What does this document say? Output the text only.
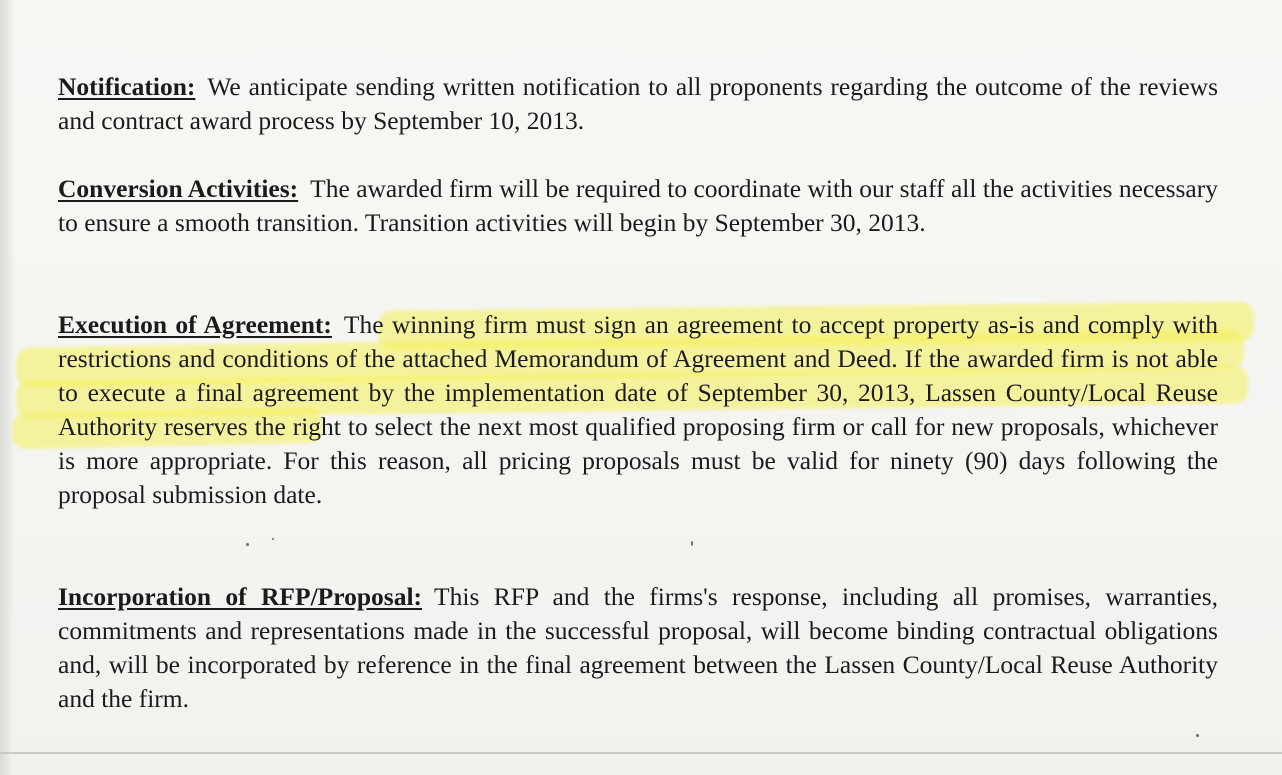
Notification: We anticipate sending written notification to all proponents regarding the outcome of the reviews and contract award process by September 10, 2013.

Conversion Activities: The awarded firm will be required to coordinate with our staff all the activities necessary to ensure a smooth transition. Transition activities will begin by September 30, 2013.

Execution of Agreement: The winning firm must sign an agreement to accept property as-is and comply with restrictions and conditions of the attached Memorandum of Agreement and Deed. If the awarded firm is not able to execute a final agreement by the implementation date of September 30, 2013, Lassen County/Local Reuse Authority reserves the right to select the next most qualified proposing firm or call for new proposals, whichever is more appropriate. For this reason, all pricing proposals must be valid for ninety (90) days following the proposal submission date.

Incorporation of RFP/Proposal: This RFP and the firms's response, including all promises, warranties, commitments and representations made in the successful proposal, will become binding contractual obligations and, will be incorporated by reference in the final agreement between the Lassen County/Local Reuse Authority and the firm.
